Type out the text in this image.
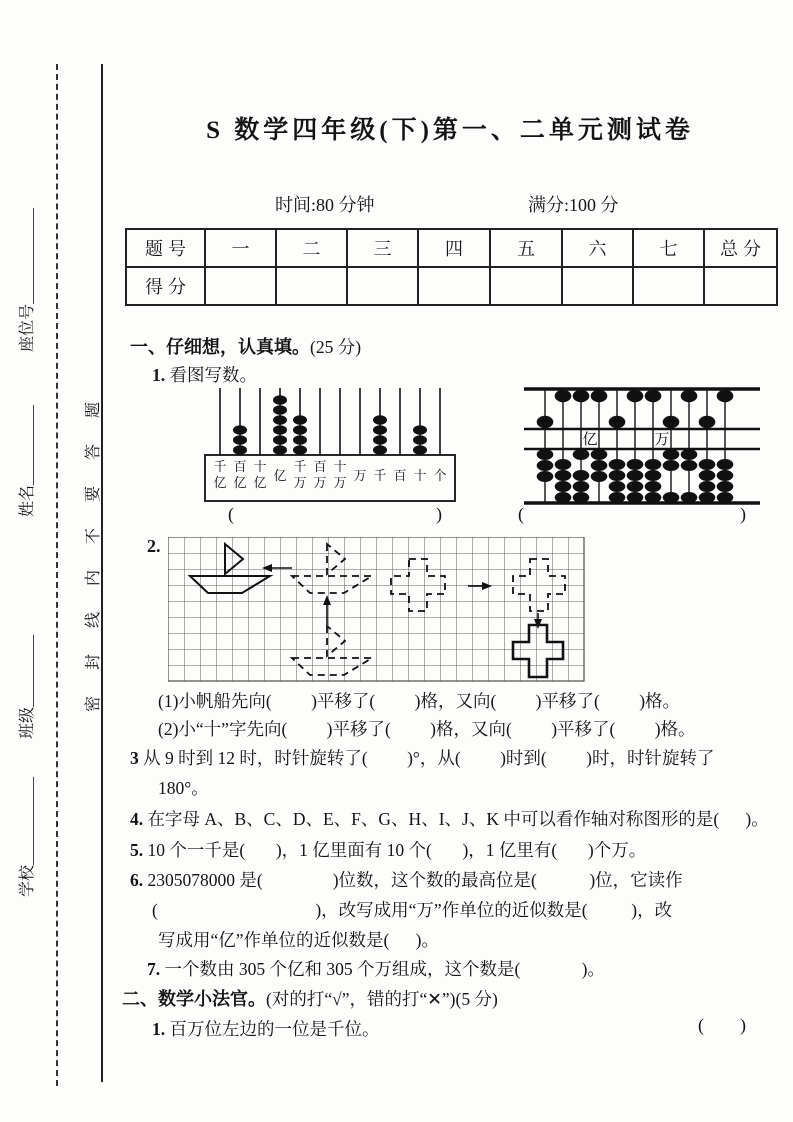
座位号____________
姓名__________
班级_________
学校___________
密 封 线 内 不 要 答 题
S 数学四年级(下)第一、二单元测试卷
时间:80 分钟	满分:100 分
题 号	一	二	三	四	五	六	七	总 分
得 分								
一、仔细想，认真填。(25 分)
1. 看图写数。
千
亿
百
亿
十
亿 亿
千
万
百
万
十
万 万 千 百 十 个
亿	万
(	)	(	)
2.
(1)小帆船先向(         )平移了(         )格，又向(         )平移了(         )格。
(2)小“十”字先向(         )平移了(         )格，又向(         )平移了(         )格。
3 从 9 时到 12 时，时针旋转了(         )°，从(         )时到(         )时，时针旋转了
180°。
4. 在字母 A、B、C、D、E、F、G、H、I、J、K 中可以看作轴对称图形的是(      )。
5. 10 个一千是(       )，1 亿里面有 10 个(       )，1 亿里有(       )个万。
6. 2305078000 是(                )位数，这个数的最高位是(            )位，它读作
(                                    )，改写成用“万”作单位的近似数是(          )，改
写成用“亿”作单位的近似数是(      )。
7. 一个数由 305 个亿和 305 个万组成，这个数是(              )。
二、数学小法官。(对的打“√”，错的打“✕”)(5 分)
1. 百万位左边的一位是千位。	( )
